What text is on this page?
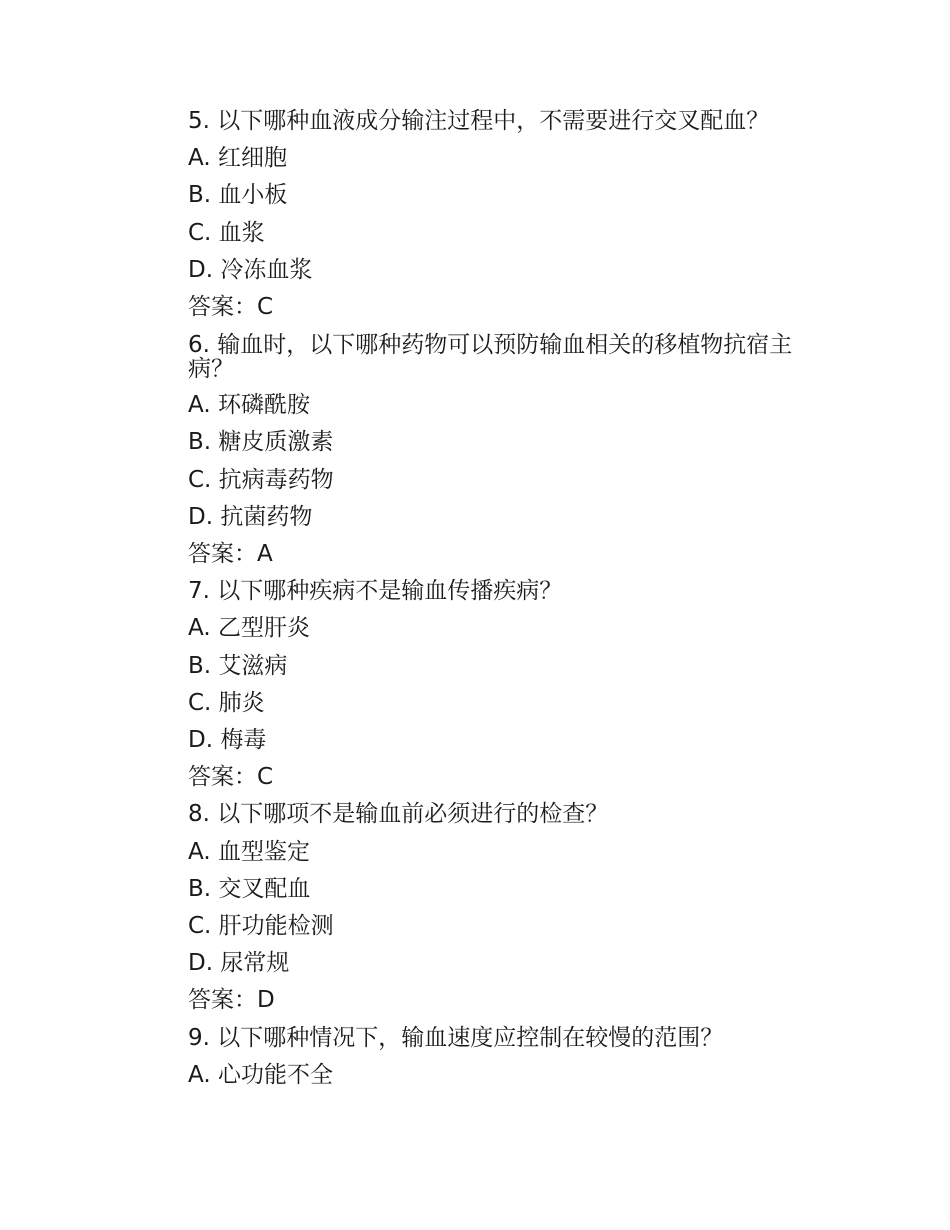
5. 以下哪种血液成分输注过程中，不需要进行交叉配血？
A. 红细胞
B. 血小板
C. 血浆
D. 冷冻血浆
答案：C
6. 输血时，以下哪种药物可以预防输血相关的移植物抗宿主病？
A. 环磷酰胺
B. 糖皮质激素
C. 抗病毒药物
D. 抗菌药物
答案：A
7. 以下哪种疾病不是输血传播疾病？
A. 乙型肝炎
B. 艾滋病
C. 肺炎
D. 梅毒
答案：C
8. 以下哪项不是输血前必须进行的检查？
A. 血型鉴定
B. 交叉配血
C. 肝功能检测
D. 尿常规
答案：D
9. 以下哪种情况下，输血速度应控制在较慢的范围？
A. 心功能不全
